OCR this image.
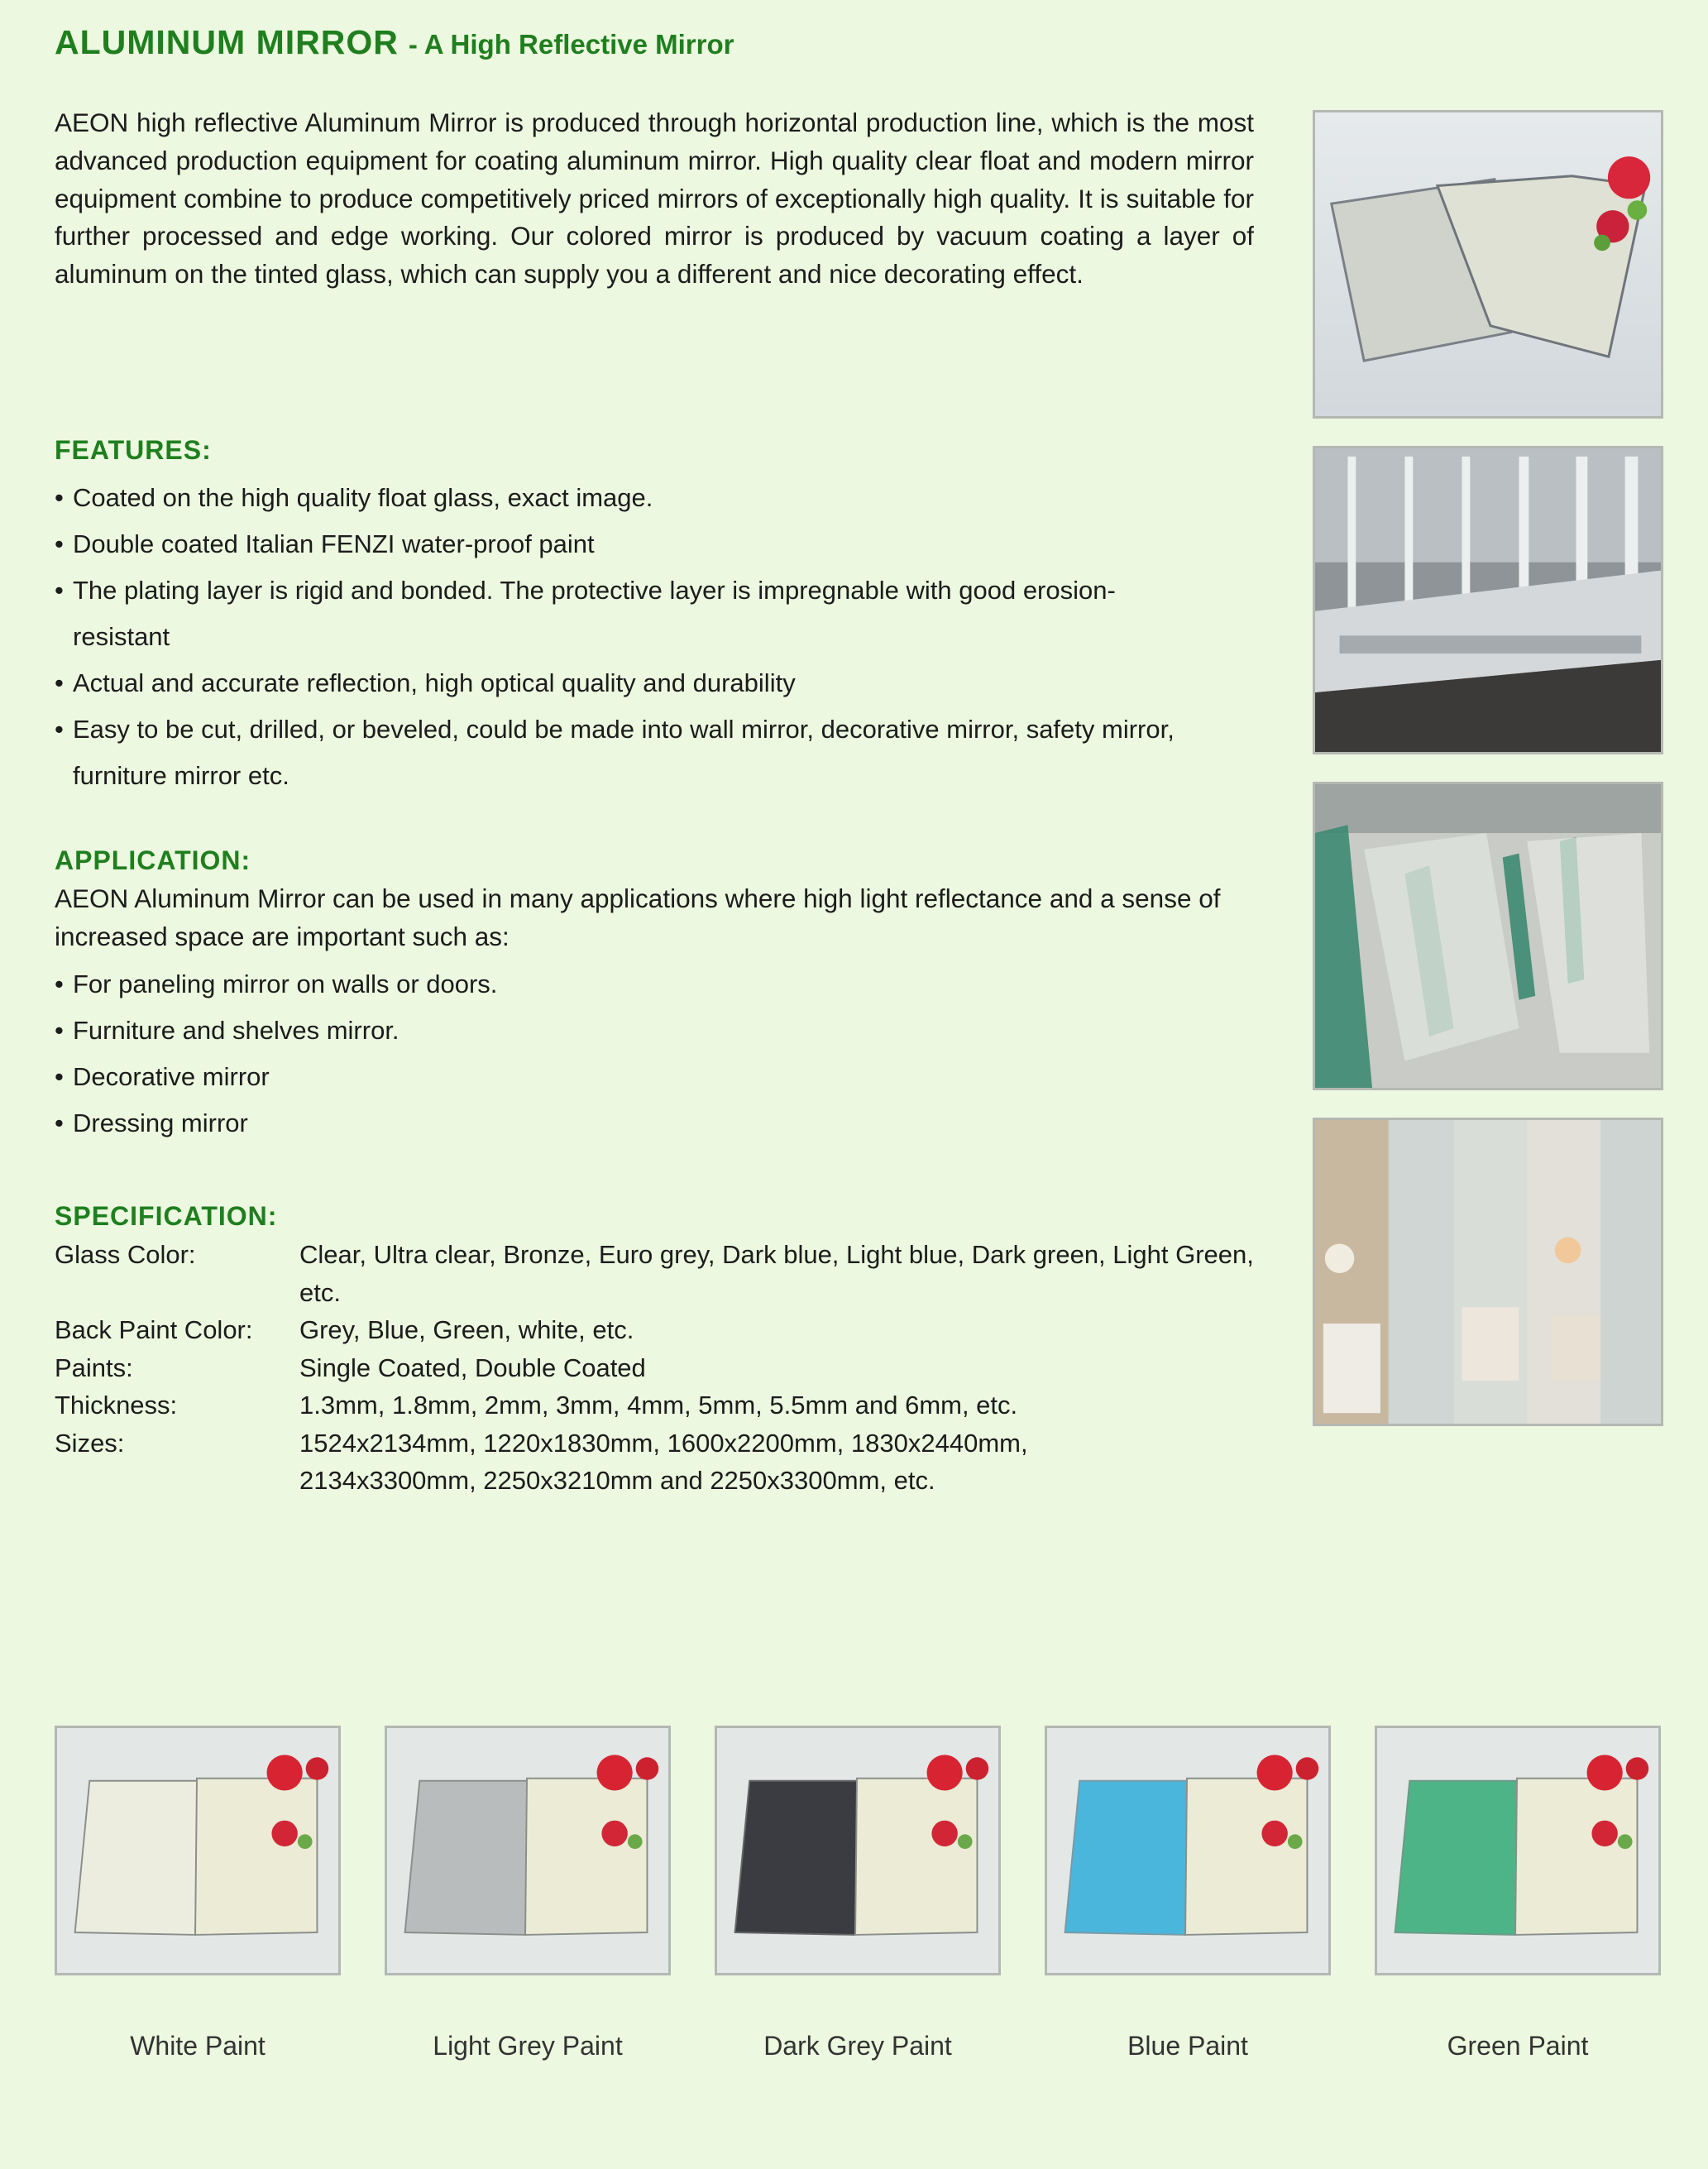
ALUMINUM MIRROR - A High Reflective Mirror

AEON high reflective Aluminum Mirror is produced through horizontal production line, which is the most advanced production equipment for coating aluminum mirror. High quality clear float and modern mirror equipment combine to produce competitively priced mirrors of exceptionally high quality. It is suitable for further processed and edge working. Our colored mirror is produced by vacuum coating a layer of aluminum on the tinted glass, which can supply you a different and nice decorating effect.

FEATURES:
• Coated on the high quality float glass, exact image.
• Double coated Italian FENZI water-proof paint
• The plating layer is rigid and bonded. The protective layer is impregnable with good erosion-resistant
• Actual and accurate reflection, high optical quality and durability
• Easy to be cut, drilled, or beveled, could be made into wall mirror, decorative mirror, safety mirror, furniture mirror etc.
APPLICATION:

AEON Aluminum Mirror can be used in many applications where high light reflectance and a sense of increased space are important such as:

• For paneling mirror on walls or doors.
• Furniture and shelves mirror.
• Decorative mirror
• Dressing mirror
SPECIFICATION:
Glass Color:	Clear, Ultra clear, Bronze, Euro grey, Dark blue, Light blue, Dark green, Light Green, etc.
Back Paint Color:	Grey, Blue, Green, white, etc.
Paints:	Single Coated, Double Coated
Thickness:	1.3mm, 1.8mm, 2mm, 3mm, 4mm, 5mm, 5.5mm and 6mm, etc.
Sizes:	1524x2134mm, 1220x1830mm, 1600x2200mm, 1830x2440mm, 2134x3300mm, 2250x3210mm and 2250x3300mm, etc.
White Paint	Light Grey Paint	Dark Grey Paint	Blue Paint	Green Paint
